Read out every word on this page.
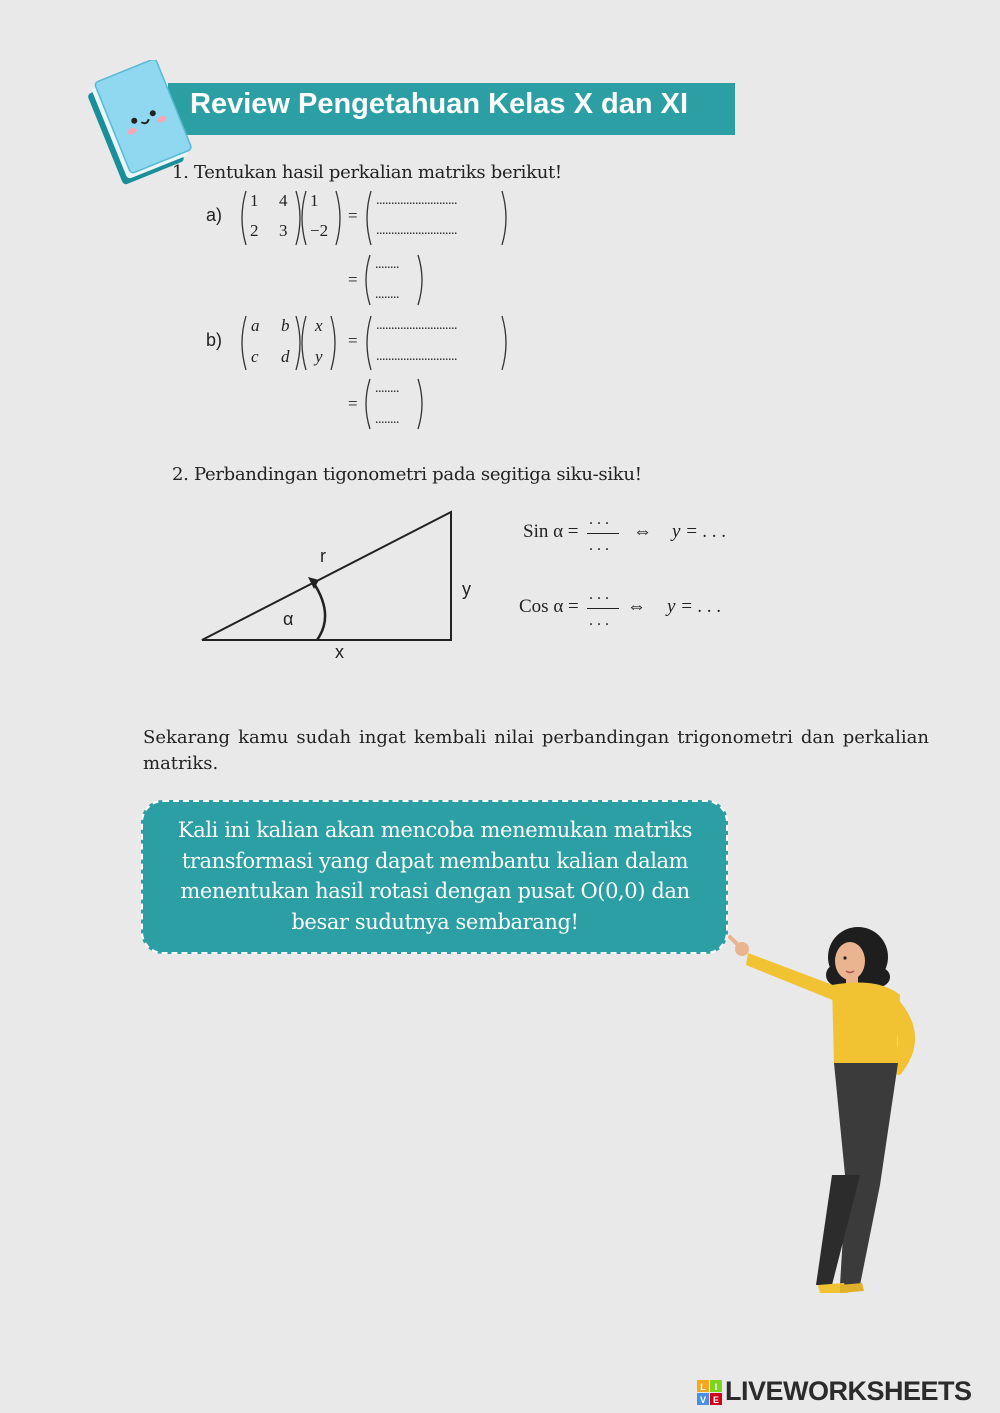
Review Pengetahuan Kelas X dan XI
1. Tentukan hasil perkalian matriks berikut!
a)
1 4
2 3
1
−2
=
...........................
...........................
=
........
........
b)
a b
c d
x
y
=
...........................
...........................
=
........
........
2. Perbandingan tigonometri pada segitiga siku-siku!
r
y
x
α
Sin α =
. . .
. . .
⇔ y = . . .
Cos α =
. . .
. . .
⇔ y = . . .
Sekarang kamu sudah ingat kembali nilai perbandingan trigonometri dan perkalian matriks.
Kali ini kalian akan mencoba menemukan matriks
transformasi yang dapat membantu kalian dalam
menentukan hasil rotasi dengan pusat O(0,0) dan
besar sudutnya sembarang!
L I
V E LIVEWORKSHEETS
